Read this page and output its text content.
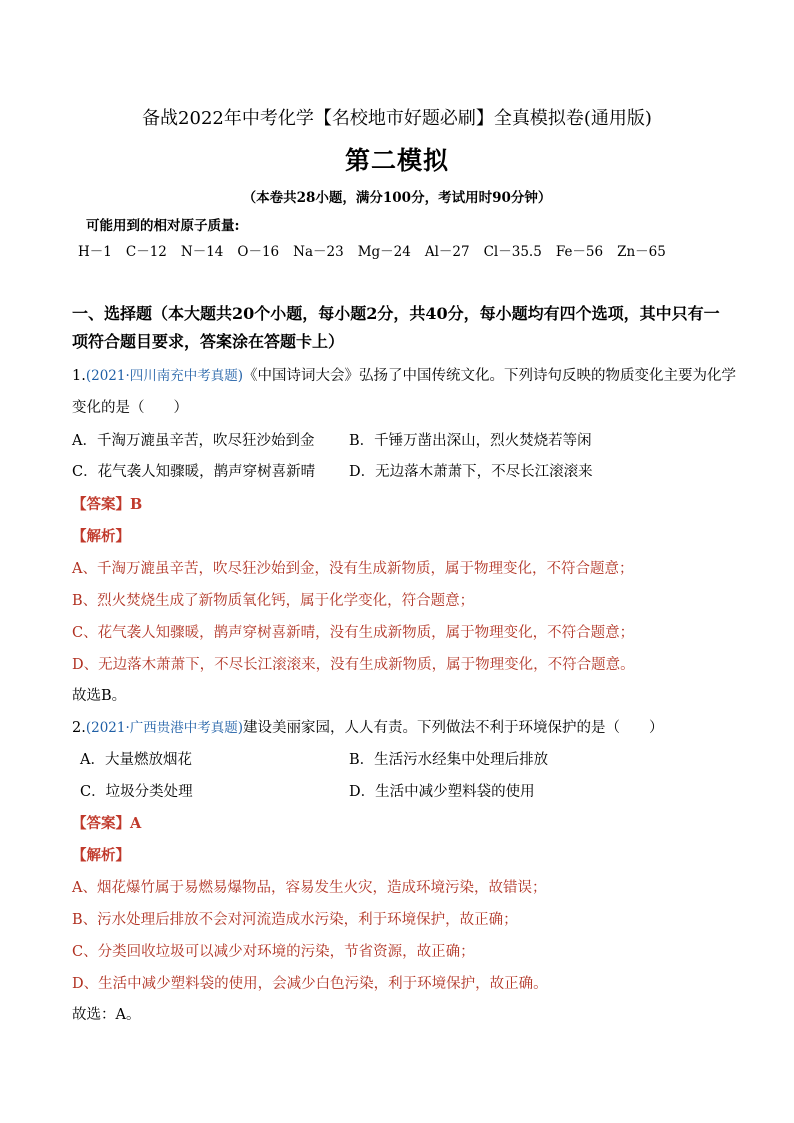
备战2022年中考化学【名校地市好题必刷】全真模拟卷(通用版)
第二模拟
（本卷共28小题，满分100分，考试用时90分钟）
可能用到的相对原子质量:
H－1 C－12 N－14 O－16 Na－23 Mg－24 Al－27 Cl－35.5 Fe－56 Zn－65
一、选择题（本大题共20个小题，每小题2分，共40分，每小题均有四个选项，其中只有一项符合题目要求，答案涂在答题卡上）
1.(2021·四川南充中考真题)《中国诗词大会》弘扬了中国传统文化。下列诗句反映的物质变化主要为化学
变化的是（　　）
A．千淘万漉虽辛苦，吹尽狂沙始到金 B．千锤万凿出深山，烈火焚烧若等闲
C．花气袭人知骤暖，鹊声穿树喜新晴 D．无边落木萧萧下，不尽长江滚滚来
【答案】B
【解析】
A、千淘万漉虽辛苦，吹尽狂沙始到金，没有生成新物质，属于物理变化，不符合题意；
B、烈火焚烧生成了新物质氧化钙，属于化学变化，符合题意；
C、花气袭人知骤暖，鹊声穿树喜新晴，没有生成新物质，属于物理变化，不符合题意；
D、无边落木萧萧下，不尽长江滚滚来，没有生成新物质，属于物理变化，不符合题意。
故选B。
2.(2021·广西贵港中考真题)建设美丽家园，人人有责。下列做法不利于环境保护的是（　　）
A．大量燃放烟花	B．生活污水经集中处理后排放
C．垃圾分类处理	D．生活中减少塑料袋的使用
【答案】A
【解析】
A、烟花爆竹属于易燃易爆物品，容易发生火灾，造成环境污染，故错误；
B、污水处理后排放不会对河流造成水污染，利于环境保护，故正确；
C、分类回收垃圾可以减少对环境的污染，节省资源，故正确；
D、生活中减少塑料袋的使用，会减少白色污染，利于环境保护，故正确。
故选：A。
